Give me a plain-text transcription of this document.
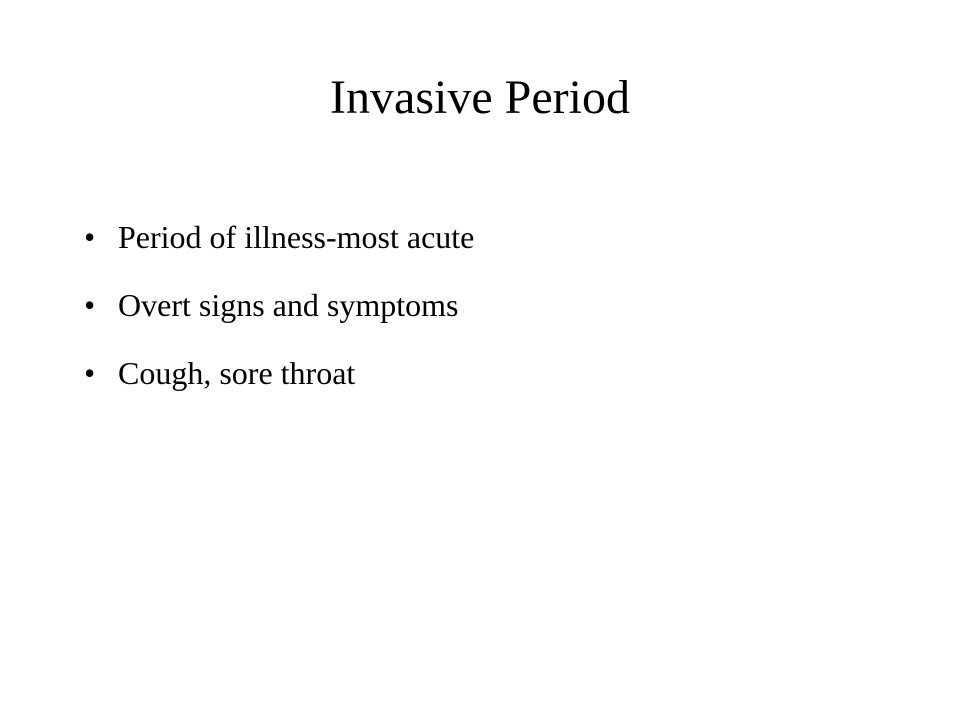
Invasive Period
• Period of illness-most acute
• Overt signs and symptoms
• Cough, sore throat
